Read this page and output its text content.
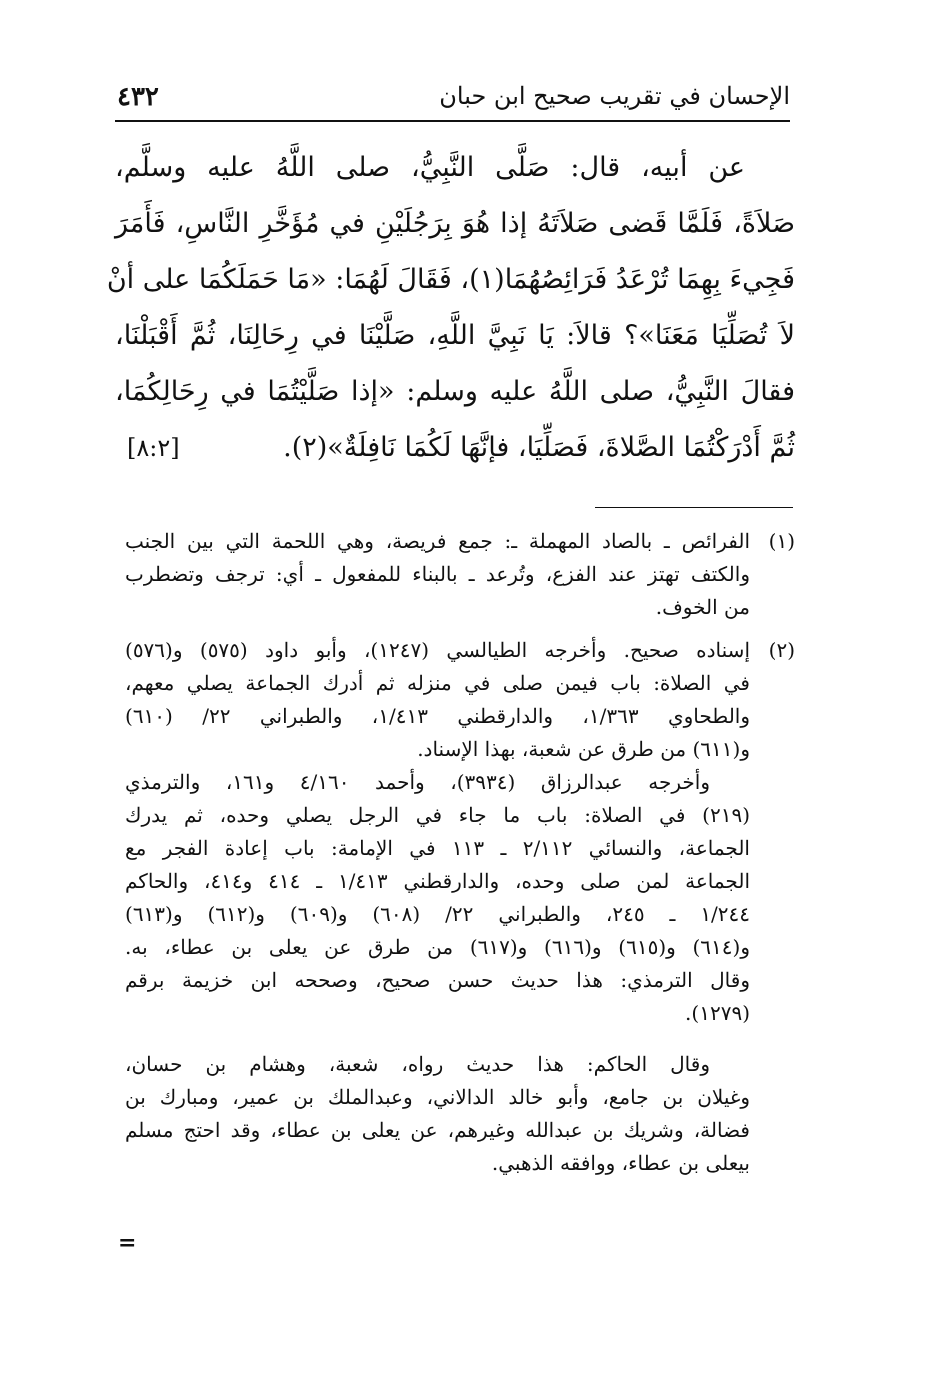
الإحسان في تقريب صحيح ابن حبان
٤٣٢
عن أبيه، قال: صَلَّى النَّبِيُّ، صلى اللَّهُ عليه وسلَّم،
صَلاَةً، فَلَمَّا قَضى صَلاَتَهُ إذا هُوَ بِرَجُلَيْنِ في مُؤَخَّرِ النَّاسِ، فَأَمَرَ
فَجِيءَ بِهِمَا تُرْعَدُ فَرَائِصُهُمَا(١)، فَقَالَ لَهُمَا: «مَا حَمَلَكُمَا على أنْ
لاَ تُصَلِّيَا مَعَنَا»؟ قالاَ: يَا نَبِيَّ اللَّهِ، صَلَّيْنَا في رِحَالِنَا، ثُمَّ أَقْبَلْنَا،
فقالَ النَّبِيُّ، صلى اللَّهُ عليه وسلم: «إذا صَلَّيْتُمَا في رِحَالِكُمَا،
ثُمَّ أَدْرَكْتُمَا الصَّلاةَ، فَصَلِّيَا، فإنَّهَا لَكُمَا نَافِلَةٌ»(٢).
[٨:٢]
(١)
الفرائص ـ بالصاد المهملة ـ: جمع فريصة، وهي اللحمة التي بين الجنب
والكتف تهتز عند الفزع، وتُرعد ـ بالبناء للمفعول ـ أي: ترجف وتضطرب
من الخوف.
(٢)
إسناده صحيح. وأخرجه الطيالسي (١٢٤٧)، وأبو داود (٥٧٥) و(٥٧٦)
في الصلاة: باب فيمن صلى في منزله ثم أدرك الجماعة يصلي معهم،
والطحاوي ١/٣٦٣، والدارقطني ١/٤١٣، والطبراني ٢٢/ (٦١٠)
و(٦١١) من طرق عن شعبة، بهذا الإسناد.
وأخرجه عبدالرزاق (٣٩٣٤)، وأحمد ٤/١٦٠ و١٦١، والترمذي
(٢١٩) في الصلاة: باب ما جاء في الرجل يصلي وحده، ثم يدرك
الجماعة، والنسائي ٢/١١٢ ـ ١١٣ في الإمامة: باب إعادة الفجر مع
الجماعة لمن صلى وحده، والدارقطني ١/٤١٣ ـ ٤١٤ و٤١٤، والحاكم
١/٢٤٤ ـ ٢٤٥، والطبراني ٢٢/ (٦٠٨) و(٦٠٩) و(٦١٢) و(٦١٣)
و(٦١٤) و(٦١٥) و(٦١٦) و(٦١٧) من طرق عن يعلى بن عطاء، به.
وقال الترمذي: هذا حديث حسن صحيح، وصححه ابن خزيمة برقم
(١٢٧٩).
وقال الحاكم: هذا حديث رواه، شعبة، وهشام بن حسان،
وغيلان بن جامع، وأبو خالد الدالاني، وعبدالملك بن عمير، ومبارك بن
فضالة، وشريك بن عبدالله وغيرهم، عن يعلى بن عطاء، وقد احتج مسلم
بيعلى بن عطاء، ووافقه الذهبي.
=
